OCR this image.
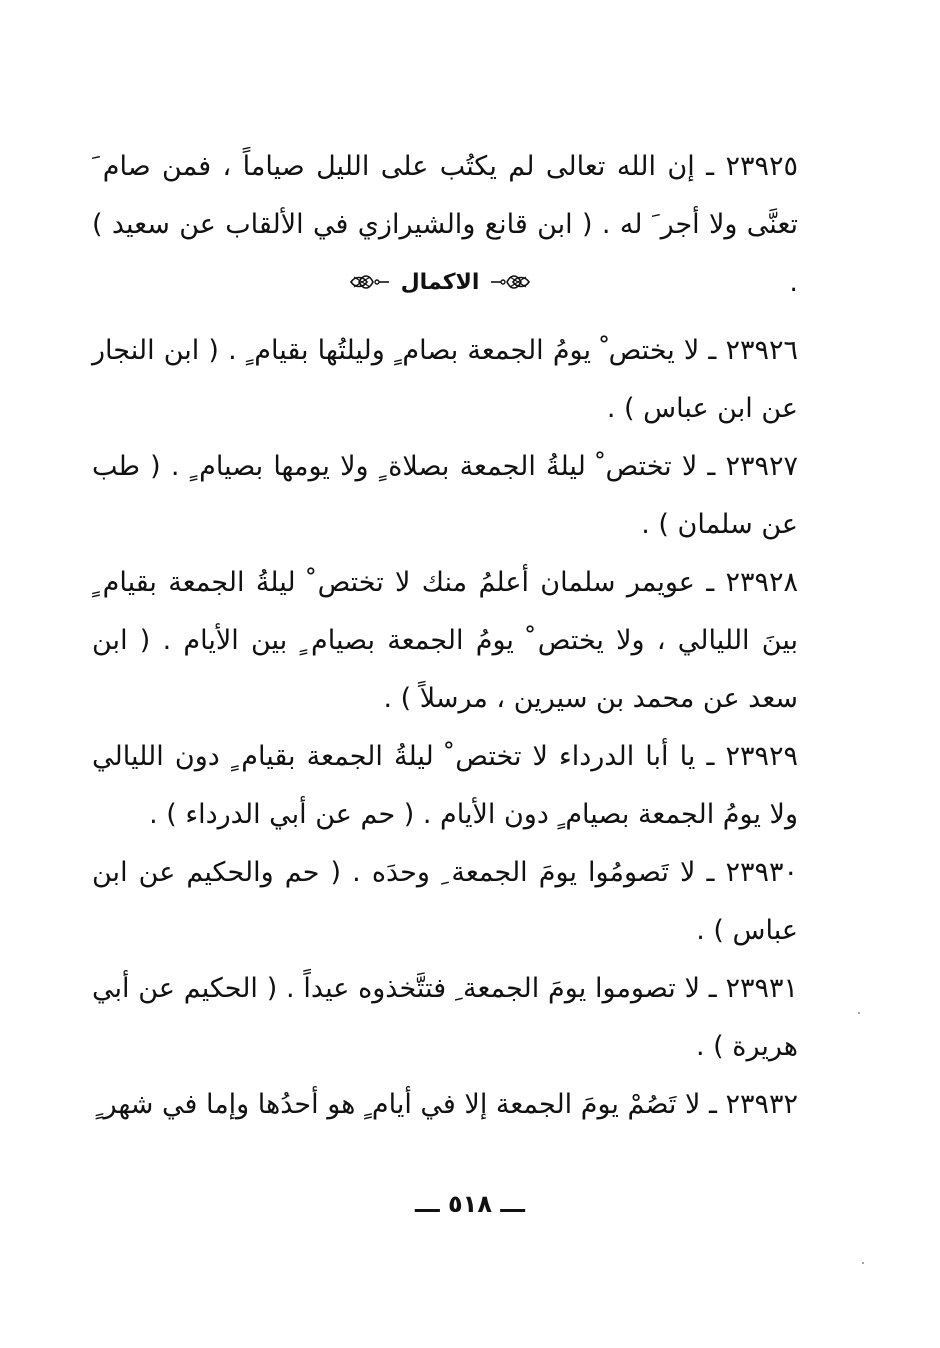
٢٣٩٢٥ ـ إن الله تعالى لم يكتُب على الليل صياماً ، فمن صام َ تعنَّى ولا أجر َ له . ( ابن قانع والشيرازي في الألقاب عن سعيد ) .

الاكمال

٢٣٩٢٦ ـ لا يختص ْ يومُ الجمعة بصام ٍ وليلتُها بقيام ٍ . ( ابن النجار عن ابن عباس ) .

٢٣٩٢٧ ـ لا تختص ْ ليلةُ الجمعة بصلاة ٍ ولا يومها بصيام ٍ . ( طب عن سلمان ) .

٢٣٩٢٨ ـ عويمر سلمان أعلمُ منك لا تختص ْ ليلةُ الجمعة بقيام ٍ بينَ الليالي ، ولا يختص ْ يومُ الجمعة بصيام ٍ بين الأيام . ( ابن سعد عن محمد بن سيرين ، مرسلاً ) .

٢٣٩٢٩ ـ يا أبا الدرداء لا تختص ْ ليلةُ الجمعة بقيام ٍ دون الليالي ولا يومُ الجمعة بصيام ٍ دون الأيام . ( حم عن أبي الدرداء ) .

٢٣٩٣٠ ـ لا تَصومُوا يومَ الجمعة ِ وحدَه . ( حم والحكيم عن ابن عباس ) .

٢٣٩٣١ ـ لا تصوموا يومَ الجمعة ِ فتتَّخذوه عيداً . ( الحكيم عن أبي هريرة ) .

٢٣٩٣٢ ـ لا تَصُمْ يومَ الجمعة إلا في أيام ٍ هو أحدُها وإما في شهر ٍ

ـــ ٥١٨ ـــ
